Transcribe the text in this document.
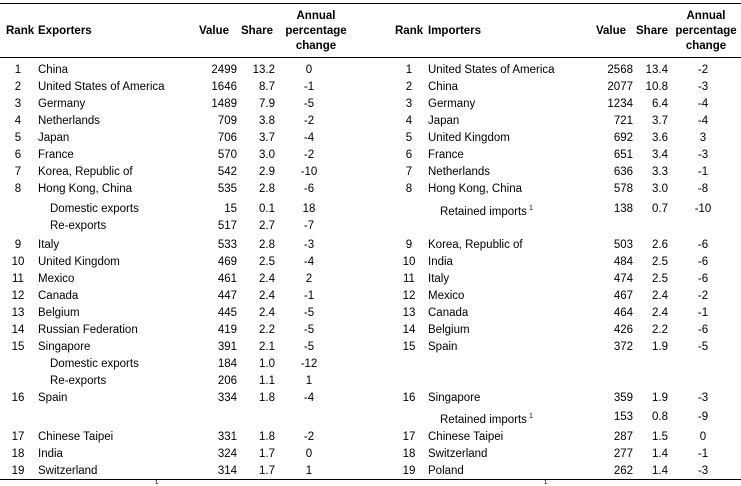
Rank Exporters	Value Share
Annual
percentage
change
Rank Importers	Value Share
Annual
percentage
change
1	China	2499	13.2	0
2	United States of America	1646	8.7	-1
3	Germany	1489	7.9	-5
4	Netherlands	709	3.8	-2
5	Japan	706	3.7	-4
6	France	570	3.0	-2
7	Korea, Republic of	542	2.9	-10
8	Hong Kong, China	535	2.8	-6
Domestic exports	15	0.1	18
Re-exports	517	2.7	-7
9	Italy	533	2.8	-3
10	United Kingdom	469	2.5	-4
11	Mexico	461	2.4	2
12	Canada	447	2.4	-1
13	Belgium	445	2.4	-5
14	Russian Federation	419	2.2	-5
15	Singapore	391	2.1	-5
Domestic exports	184	1.0	-12
Re-exports	206	1.1	1
16	Spain	334	1.8	-4
17	Chinese Taipei	331	1.8	-2
18	India	324	1.7	0
19	Switzerland	314	1.7	1
1	United States of America	2568	13.4	-2
2	China	2077	10.8	-3
3	Germany	1234	6.4	-4
4	Japan	721	3.7	-4
5	United Kingdom	692	3.6	3
6	France	651	3.4	-3
7	Netherlands	636	3.3	-1
8	Hong Kong, China	578	3.0	-8
Retained imports $^1$	138	0.7	-10
9	Korea, Republic of	503	2.6	-6
10	India	484	2.5	-6
11	Italy	474	2.5	-6
12	Mexico	467	2.4	-2
13	Canada	464	2.4	-1
14	Belgium	426	2.2	-6
15	Spain	372	1.9	-5
16	Singapore	359	1.9	-3
Retained imports $^1$	153	0.8	-9
17	Chinese Taipei	287	1.5	0
18	Switzerland	277	1.4	-1
19	Poland	262	1.4	-3
1	1
